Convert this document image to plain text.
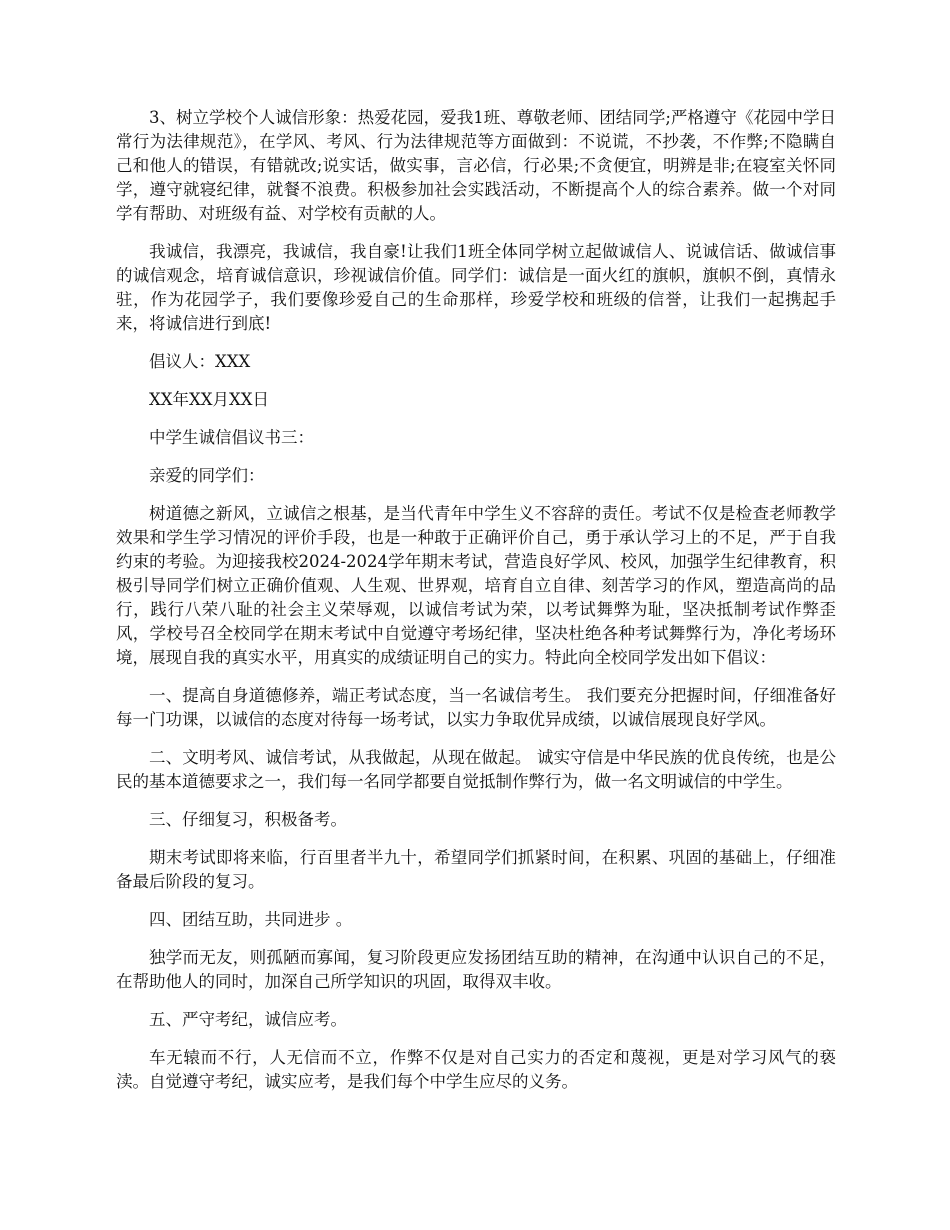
3、树立学校个人诚信形象：热爱花园，爱我1班、尊敬老师、团结同学;严格遵守《花园中学日常行为法律规范》，在学风、考风、行为法律规范等方面做到：不说谎，不抄袭，不作弊;不隐瞒自己和他人的错误，有错就改;说实话，做实事，言必信，行必果;不贪便宜，明辨是非;在寝室关怀同学，遵守就寝纪律，就餐不浪费。积极参加社会实践活动，不断提高个人的综合素养。做一个对同学有帮助、对班级有益、对学校有贡献的人。

我诚信，我漂亮，我诚信，我自豪!让我们1班全体同学树立起做诚信人、说诚信话、做诚信事的诚信观念，培育诚信意识，珍视诚信价值。同学们：诚信是一面火红的旗帜，旗帜不倒，真情永驻，作为花园学子，我们要像珍爱自己的生命那样，珍爱学校和班级的信誉，让我们一起携起手来，将诚信进行到底!

倡议人：XXX

XX年XX月XX日

中学生诚信倡议书三：

亲爱的同学们：

树道德之新风，立诚信之根基，是当代青年中学生义不容辞的责任。考试不仅是检查老师教学效果和学生学习情况的评价手段，也是一种敢于正确评价自己，勇于承认学习上的不足，严于自我约束的考验。为迎接我校2024-2024学年期末考试，营造良好学风、校风，加强学生纪律教育，积极引导同学们树立正确价值观、人生观、世界观，培育自立自律、刻苦学习的作风，塑造高尚的品行，践行八荣八耻的社会主义荣辱观，以诚信考试为荣，以考试舞弊为耻，坚决抵制考试作弊歪风，学校号召全校同学在期末考试中自觉遵守考场纪律，坚决杜绝各种考试舞弊行为，净化考场环境，展现自我的真实水平，用真实的成绩证明自己的实力。特此向全校同学发出如下倡议：

一、提高自身道德修养，端正考试态度，当一名诚信考生。 我们要充分把握时间，仔细准备好每一门功课，以诚信的态度对待每一场考试，以实力争取优异成绩，以诚信展现良好学风。

二、文明考风、诚信考试，从我做起，从现在做起。 诚实守信是中华民族的优良传统，也是公民的基本道德要求之一，我们每一名同学都要自觉抵制作弊行为，做一名文明诚信的中学生。

三、仔细复习，积极备考。

期末考试即将来临，行百里者半九十，希望同学们抓紧时间，在积累、巩固的基础上，仔细准备最后阶段的复习。

四、团结互助，共同进步 。

独学而无友，则孤陋而寡闻，复习阶段更应发扬团结互助的精神，在沟通中认识自己的不足，在帮助他人的同时，加深自己所学知识的巩固，取得双丰收。

五、严守考纪，诚信应考。

车无辕而不行，人无信而不立，作弊不仅是对自己实力的否定和蔑视，更是对学习风气的亵渎。自觉遵守考纪，诚实应考，是我们每个中学生应尽的义务。
